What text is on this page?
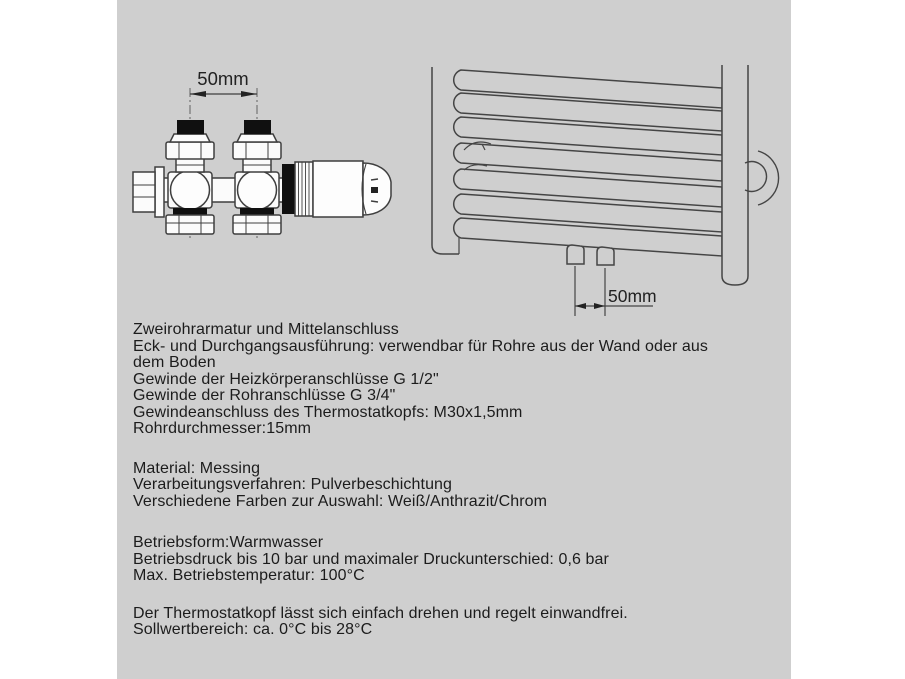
50mm
50mm
Zweirohrarmatur und Mittelanschluss
Eck- und Durchgangsausführung: verwendbar für Rohre aus der Wand oder aus
dem Boden
Gewinde der Heizkörperanschlüsse G 1/2"
Gewinde der Rohranschlüsse G 3/4"
Gewindeanschluss des Thermostatkopfs: M30x1,5mm
Rohrdurchmesser:15mm
Material: Messing
Verarbeitungsverfahren: Pulverbeschichtung
Verschiedene Farben zur Auswahl: Weiß/Anthrazit/Chrom
Betriebsform:Warmwasser
Betriebsdruck bis 10 bar und maximaler Druckunterschied: 0,6 bar
Max. Betriebstemperatur: 100°C
Der Thermostatkopf lässt sich einfach drehen und regelt einwandfrei.
Sollwertbereich: ca. 0°C bis 28°C
